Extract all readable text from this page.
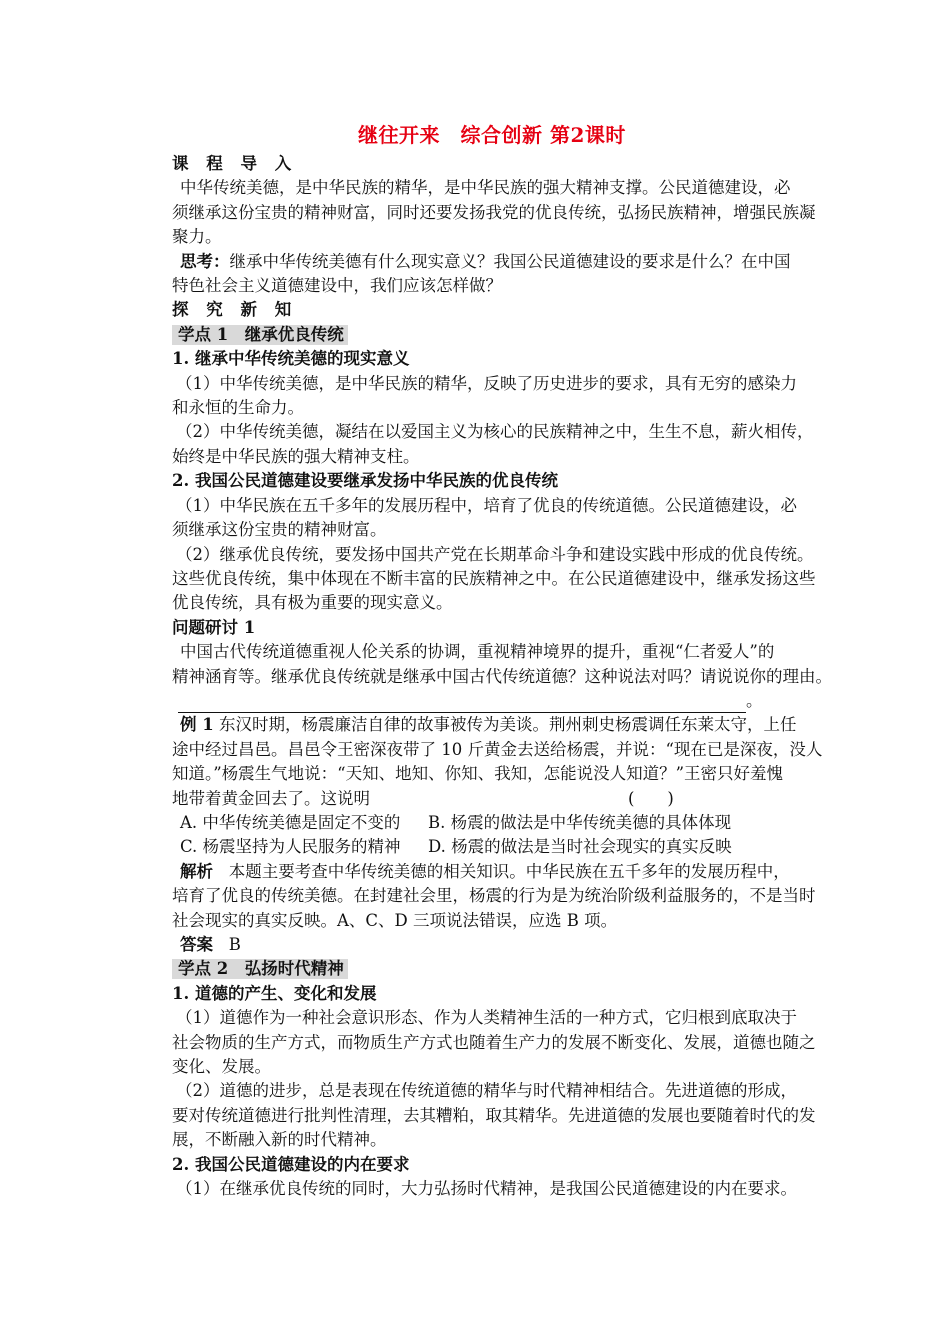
继往开来　综合创新 第2课时
课 程 导 入
中华传统美德，是中华民族的精华，是中华民族的强大精神支撑。公民道德建设，必
须继承这份宝贵的精神财富，同时还要发扬我党的优良传统，弘扬民族精神，增强民族凝
聚力。
思考：继承中华传统美德有什么现实意义？我国公民道德建设的要求是什么？在中国
特色社会主义道德建设中，我们应该怎样做？
探 究 新 知
学点 1　继承优良传统
1. 继承中华传统美德的现实意义
（1）中华传统美德，是中华民族的精华，反映了历史进步的要求，具有无穷的感染力
和永恒的生命力。
（2）中华传统美德，凝结在以爱国主义为核心的民族精神之中，生生不息，薪火相传，
始终是中华民族的强大精神支柱。
2. 我国公民道德建设要继承发扬中华民族的优良传统
（1）中华民族在五千多年的发展历程中，培育了优良的传统道德。公民道德建设，必
须继承这份宝贵的精神财富。
（2）继承优良传统，要发扬中国共产党在长期革命斗争和建设实践中形成的优良传统。
这些优良传统，集中体现在不断丰富的民族精神之中。在公民道德建设中，继承发扬这些
优良传统，具有极为重要的现实意义。
问题研讨 1
中国古代传统道德重视人伦关系的协调，重视精神境界的提升，重视“仁者爱人”的
精神涵育等。继承优良传统就是继承中国古代传统道德？这种说法对吗？请说说你的理由。
。
例 1 东汉时期，杨震廉洁自律的故事被传为美谈。荆州刺史杨震调任东莱太守，上任
途中经过昌邑。昌邑令王密深夜带了 10 斤黄金去送给杨震，并说：“现在已是深夜，没人
知道。”杨震生气地说：“天知、地知、你知、我知，怎能说没人知道？”王密只好羞愧
地带着黄金回去了。这说明	(　　)
A. 中华传统美德是固定不变的 B. 杨震的做法是中华传统美德的具体体现
C. 杨震坚持为人民服务的精神 D. 杨震的做法是当时社会现实的真实反映
解析 本题主要考查中华传统美德的相关知识。中华民族在五千多年的发展历程中，
培育了优良的传统美德。在封建社会里，杨震的行为是为统治阶级利益服务的，不是当时
社会现实的真实反映。A、C、D 三项说法错误，应选 B 项。
答案 B
学点 2　弘扬时代精神
1. 道德的产生、变化和发展
（1）道德作为一种社会意识形态、作为人类精神生活的一种方式，它归根到底取决于
社会物质的生产方式，而物质生产方式也随着生产力的发展不断变化、发展，道德也随之
变化、发展。
（2）道德的进步，总是表现在传统道德的精华与时代精神相结合。先进道德的形成，
要对传统道德进行批判性清理，去其糟粕，取其精华。先进道德的发展也要随着时代的发
展，不断融入新的时代精神。
2. 我国公民道德建设的内在要求
（1）在继承优良传统的同时，大力弘扬时代精神，是我国公民道德建设的内在要求。
